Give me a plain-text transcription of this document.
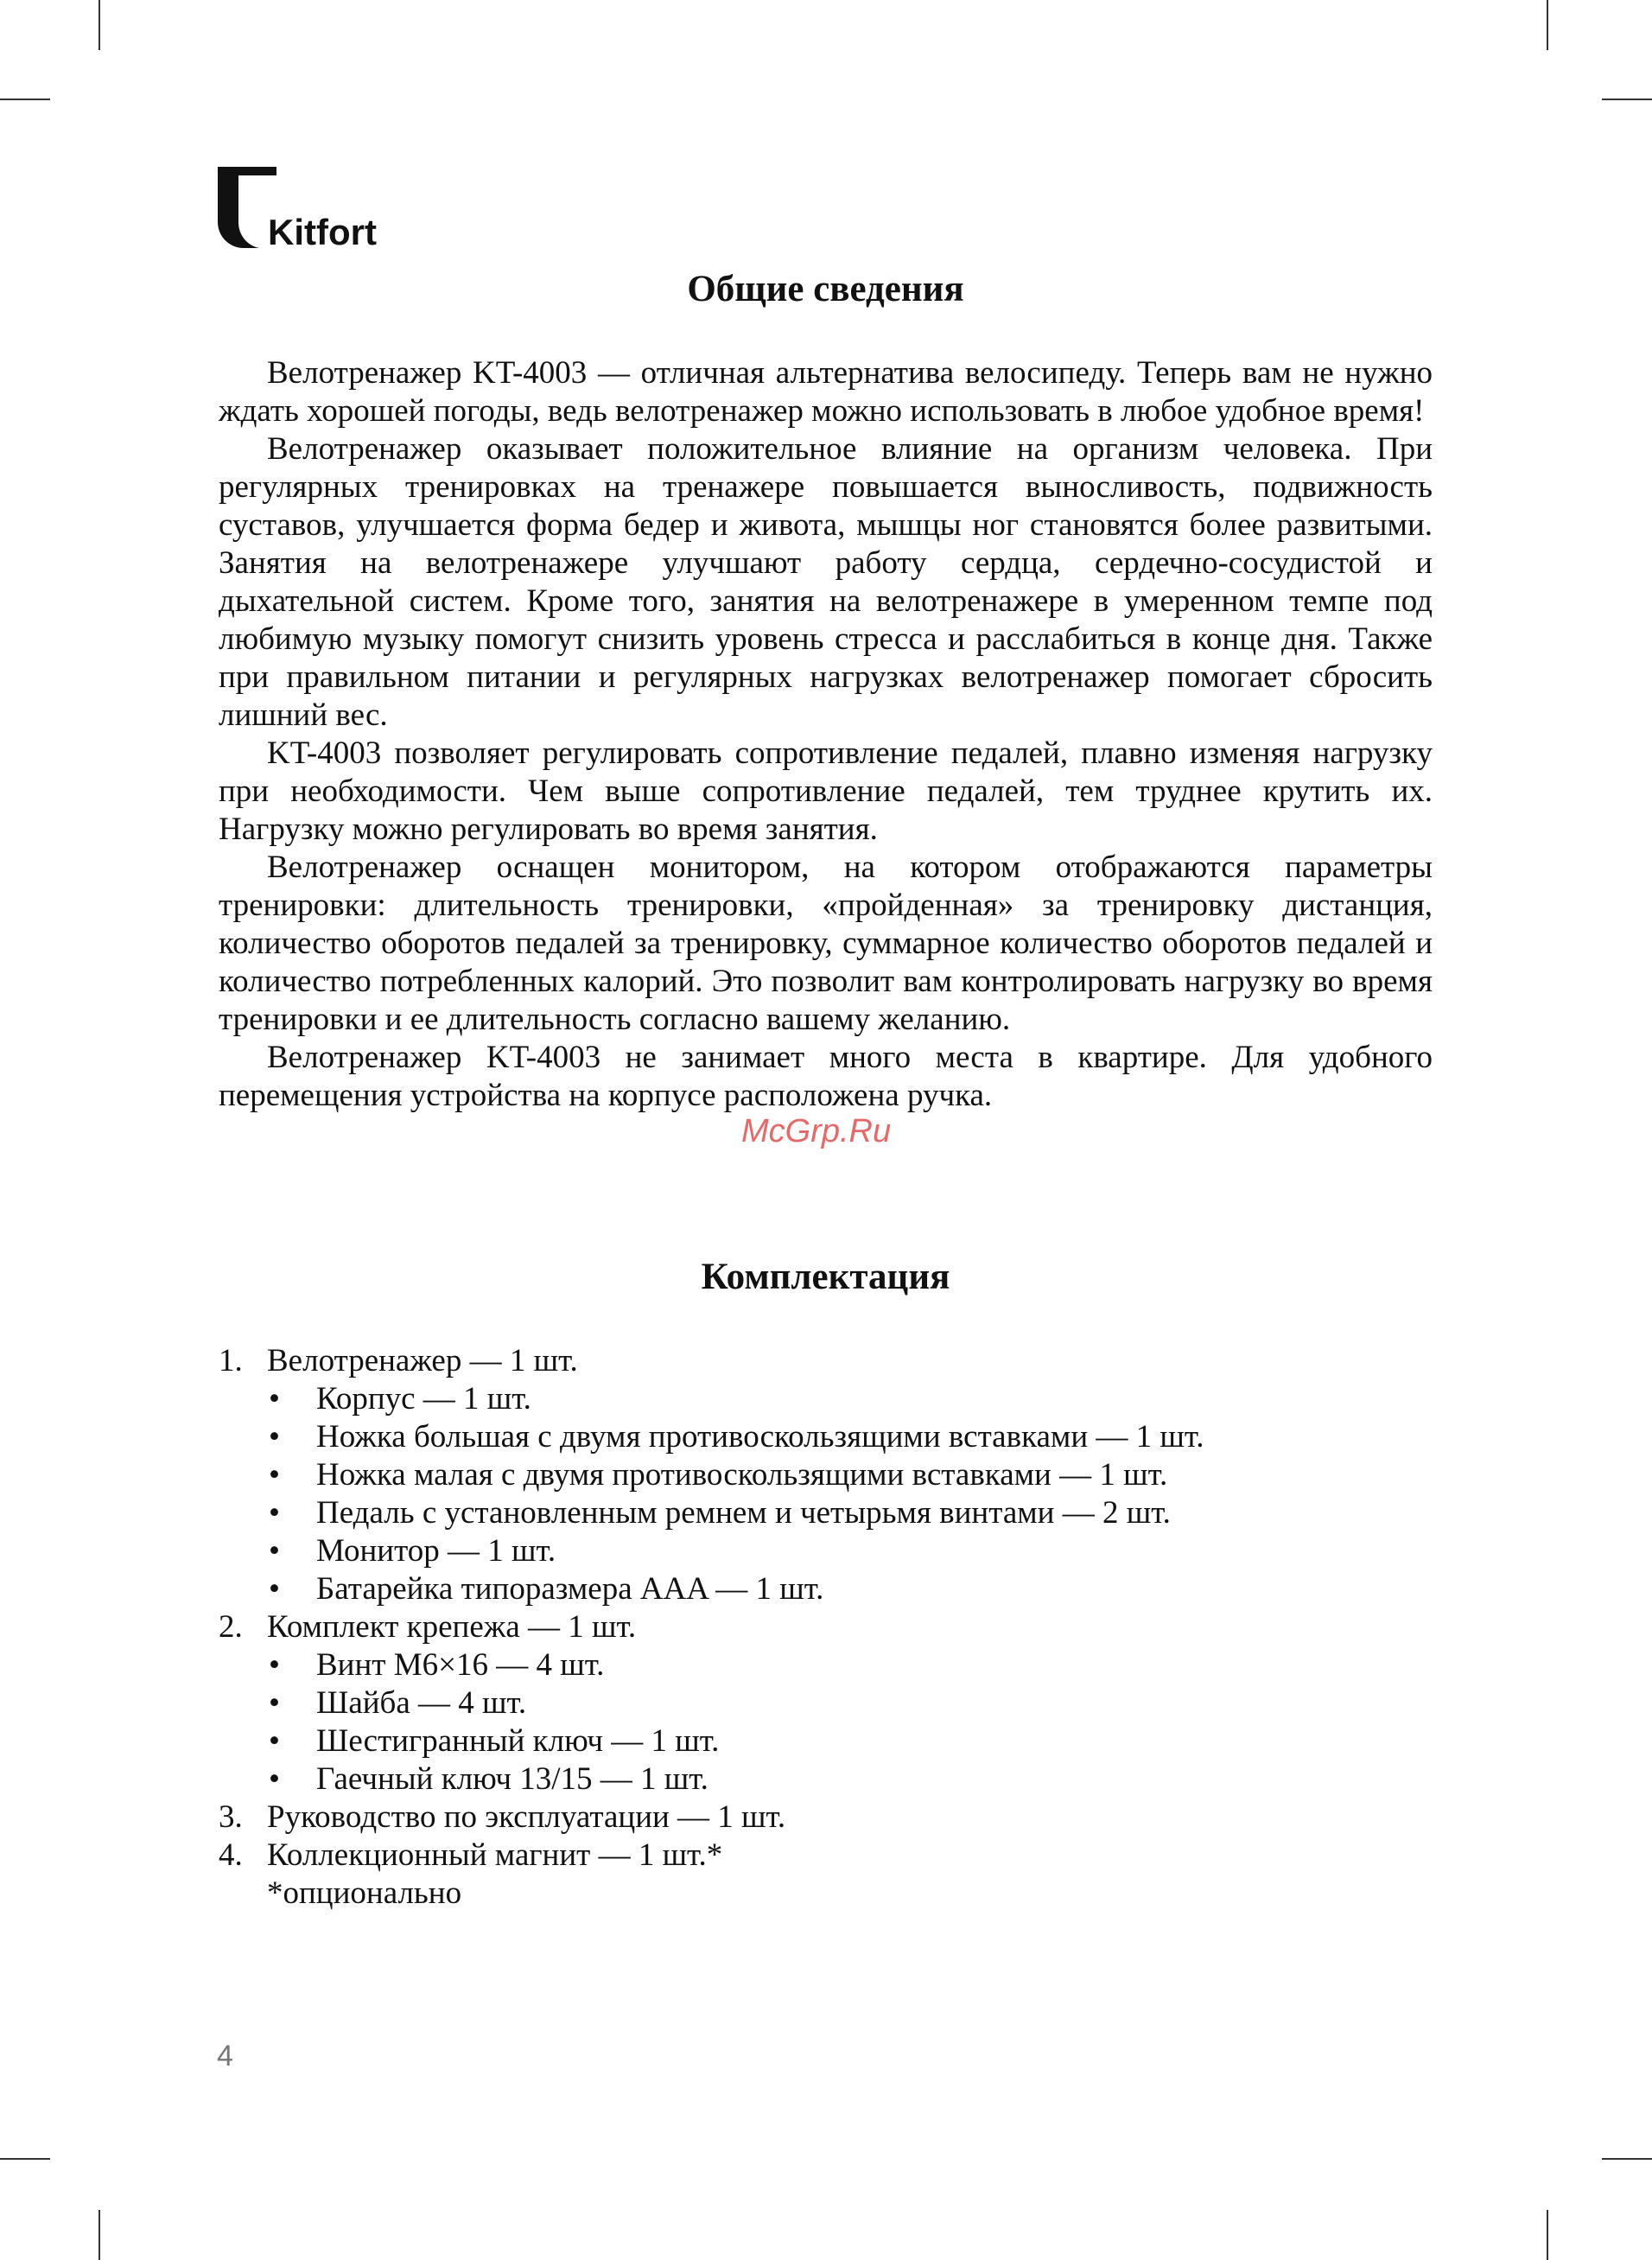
Kitfort
Общие сведения

Велотренажер KT-4003 — отличная альтернатива велосипеду. Теперь вам не нужно ждать хорошей погоды, ведь велотренажер можно использовать в любое удобное время!

Велотренажер оказывает положительное влияние на организм человека. При регулярных тренировках на тренажере повышается выносливость, подвижность суставов, улучшается форма бедер и живота, мышцы ног становятся более развитыми. Занятия на велотренажере улучшают работу сердца, сердечно-сосудистой и дыхательной систем. Кроме того, занятия на велотренажере в умеренном темпе под любимую музыку помогут снизить уровень стресса и расслабиться в конце дня. Также при правильном питании и регулярных нагрузках велотренажер помогает сбросить лишний вес.

KT-4003 позволяет регулировать сопротивление педалей, плавно изменяя нагрузку при необходимости. Чем выше сопротивление педалей, тем труднее крутить их. Нагрузку можно регулировать во время занятия.

Велотренажер оснащен монитором, на котором отображаются параметры тренировки: длительность тренировки, «пройденная» за тренировку дистанция, количество оборотов педалей за тренировку, суммарное количество оборотов педалей и количество потребленных калорий. Это позволит вам контролировать нагрузку во время тренировки и ее длительность согласно вашему желанию.

Велотренажер KT-4003 не занимает много места в квартире. Для удобного перемещения устройства на корпусе расположена ручка.

McGrp.Ru
Комплектация
1. Велотренажер — 1 шт.
• Корпус — 1 шт.
• Ножка большая с двумя противоскользящими вставками — 1 шт.
• Ножка малая с двумя противоскользящими вставками — 1 шт.
• Педаль с установленным ремнем и четырьмя винтами — 2 шт.
• Монитор — 1 шт.
• Батарейка типоразмера AAA — 1 шт.
2. Комплект крепежа — 1 шт.
• Винт M6×16 — 4 шт.
• Шайба — 4 шт.
• Шестигранный ключ — 1 шт.
• Гаечный ключ 13/15 — 1 шт.
3. Руководство по эксплуатации — 1 шт.
4. Коллекционный магнит — 1 шт.*
*опционально
4
